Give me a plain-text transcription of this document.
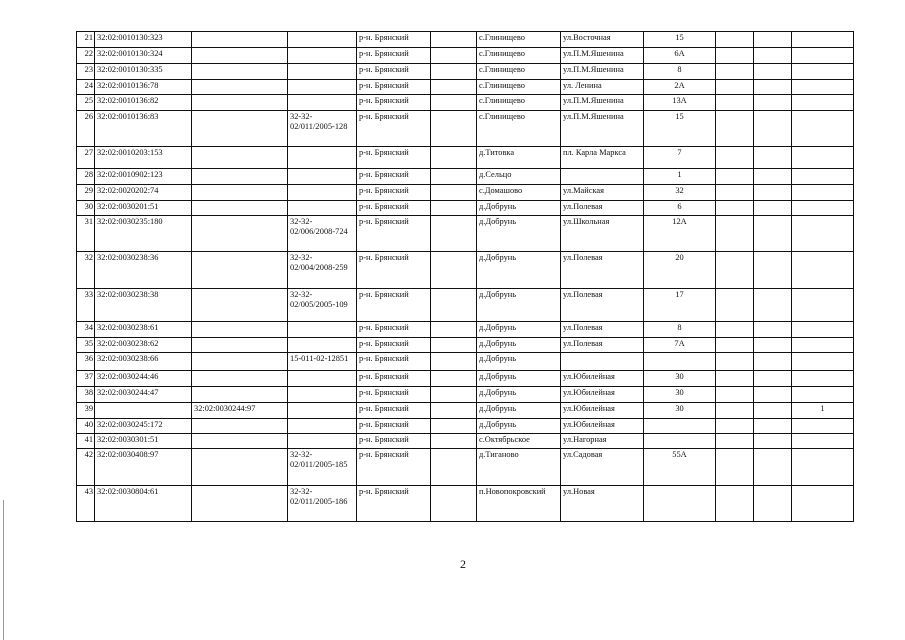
21	32:02:0010130:323			р-н. Брянский		с.Глинищево	ул.Восточная	15			
22	32:02:0010130:324			р-н. Брянский		с.Глинищево	ул.П.М.Яшенина	6А			
23	32:02:0010130:335			р-н. Брянский		с.Глинищево	ул.П.М.Яшенина	8			
24	32:02:0010136:78			р-н. Брянский		с.Глинищево	ул. Ленина	2А			
25	32:02:0010136:82			р-н. Брянский		с.Глинищево	ул.П.М.Яшенина	13А			
26	32:02:0010136:83		32-32-02/011/2005-128	р-н. Брянский		с.Глинищево	ул.П.М.Яшенина	15			
27	32:02:0010203:153			р-н. Брянский		д.Титовка	пл. Карла Маркса	7			
28	32:02:0010902:123			р-н. Брянский		д.Сельцо		1			
29	32:02:0020202:74			р-н. Брянский		с.Домашово	ул.Майская	32			
30	32:02:0030201:51			р-н. Брянский		д.Добрунь	ул.Полевая	6			
31	32:02:0030235:180		32-32-02/006/2008-724	р-н. Брянский		д.Добрунь	ул.Школьная	12А			
32	32:02:0030238:36		32-32-02/004/2008-259	р-н. Брянский		д.Добрунь	ул.Полевая	20			
33	32:02:0030238:38		32-32-02/005/2005-109	р-н. Брянский		д.Добрунь	ул.Полевая	17			
34	32:02:0030238:61			р-н. Брянский		д.Добрунь	ул.Полевая	8			
35	32:02:0030238:62			р-н. Брянский		д.Добрунь	ул.Полевая	7А			
36	32:02:0030238:66		15-011-02-12851	р-н. Брянский		д.Добрунь					
37	32:02:0030244:46			р-н. Брянский		д.Добрунь	ул.Юбилейная	30			
38	32:02:0030244:47			р-н. Брянский		д.Добрунь	ул.Юбилейная	30			
39		32:02:0030244:97		р-н. Брянский		д.Добрунь	ул.Юбилейная	30			1
40	32:02:0030245:172			р-н. Брянский		д.Добрунь	ул.Юбилейная				
41	32:02:0030301:51			р-н. Брянский		с.Октябрьское	ул.Нагорная				
42	32:02:0030408:97		32-32-02/011/2005-185	р-н. Брянский		д.Тиганово	ул.Садовая	55А			
43	32:02:0030804:61		32-32-02/011/2005-186	р-н. Брянский		п.Новопокровский	ул.Новая				
2
